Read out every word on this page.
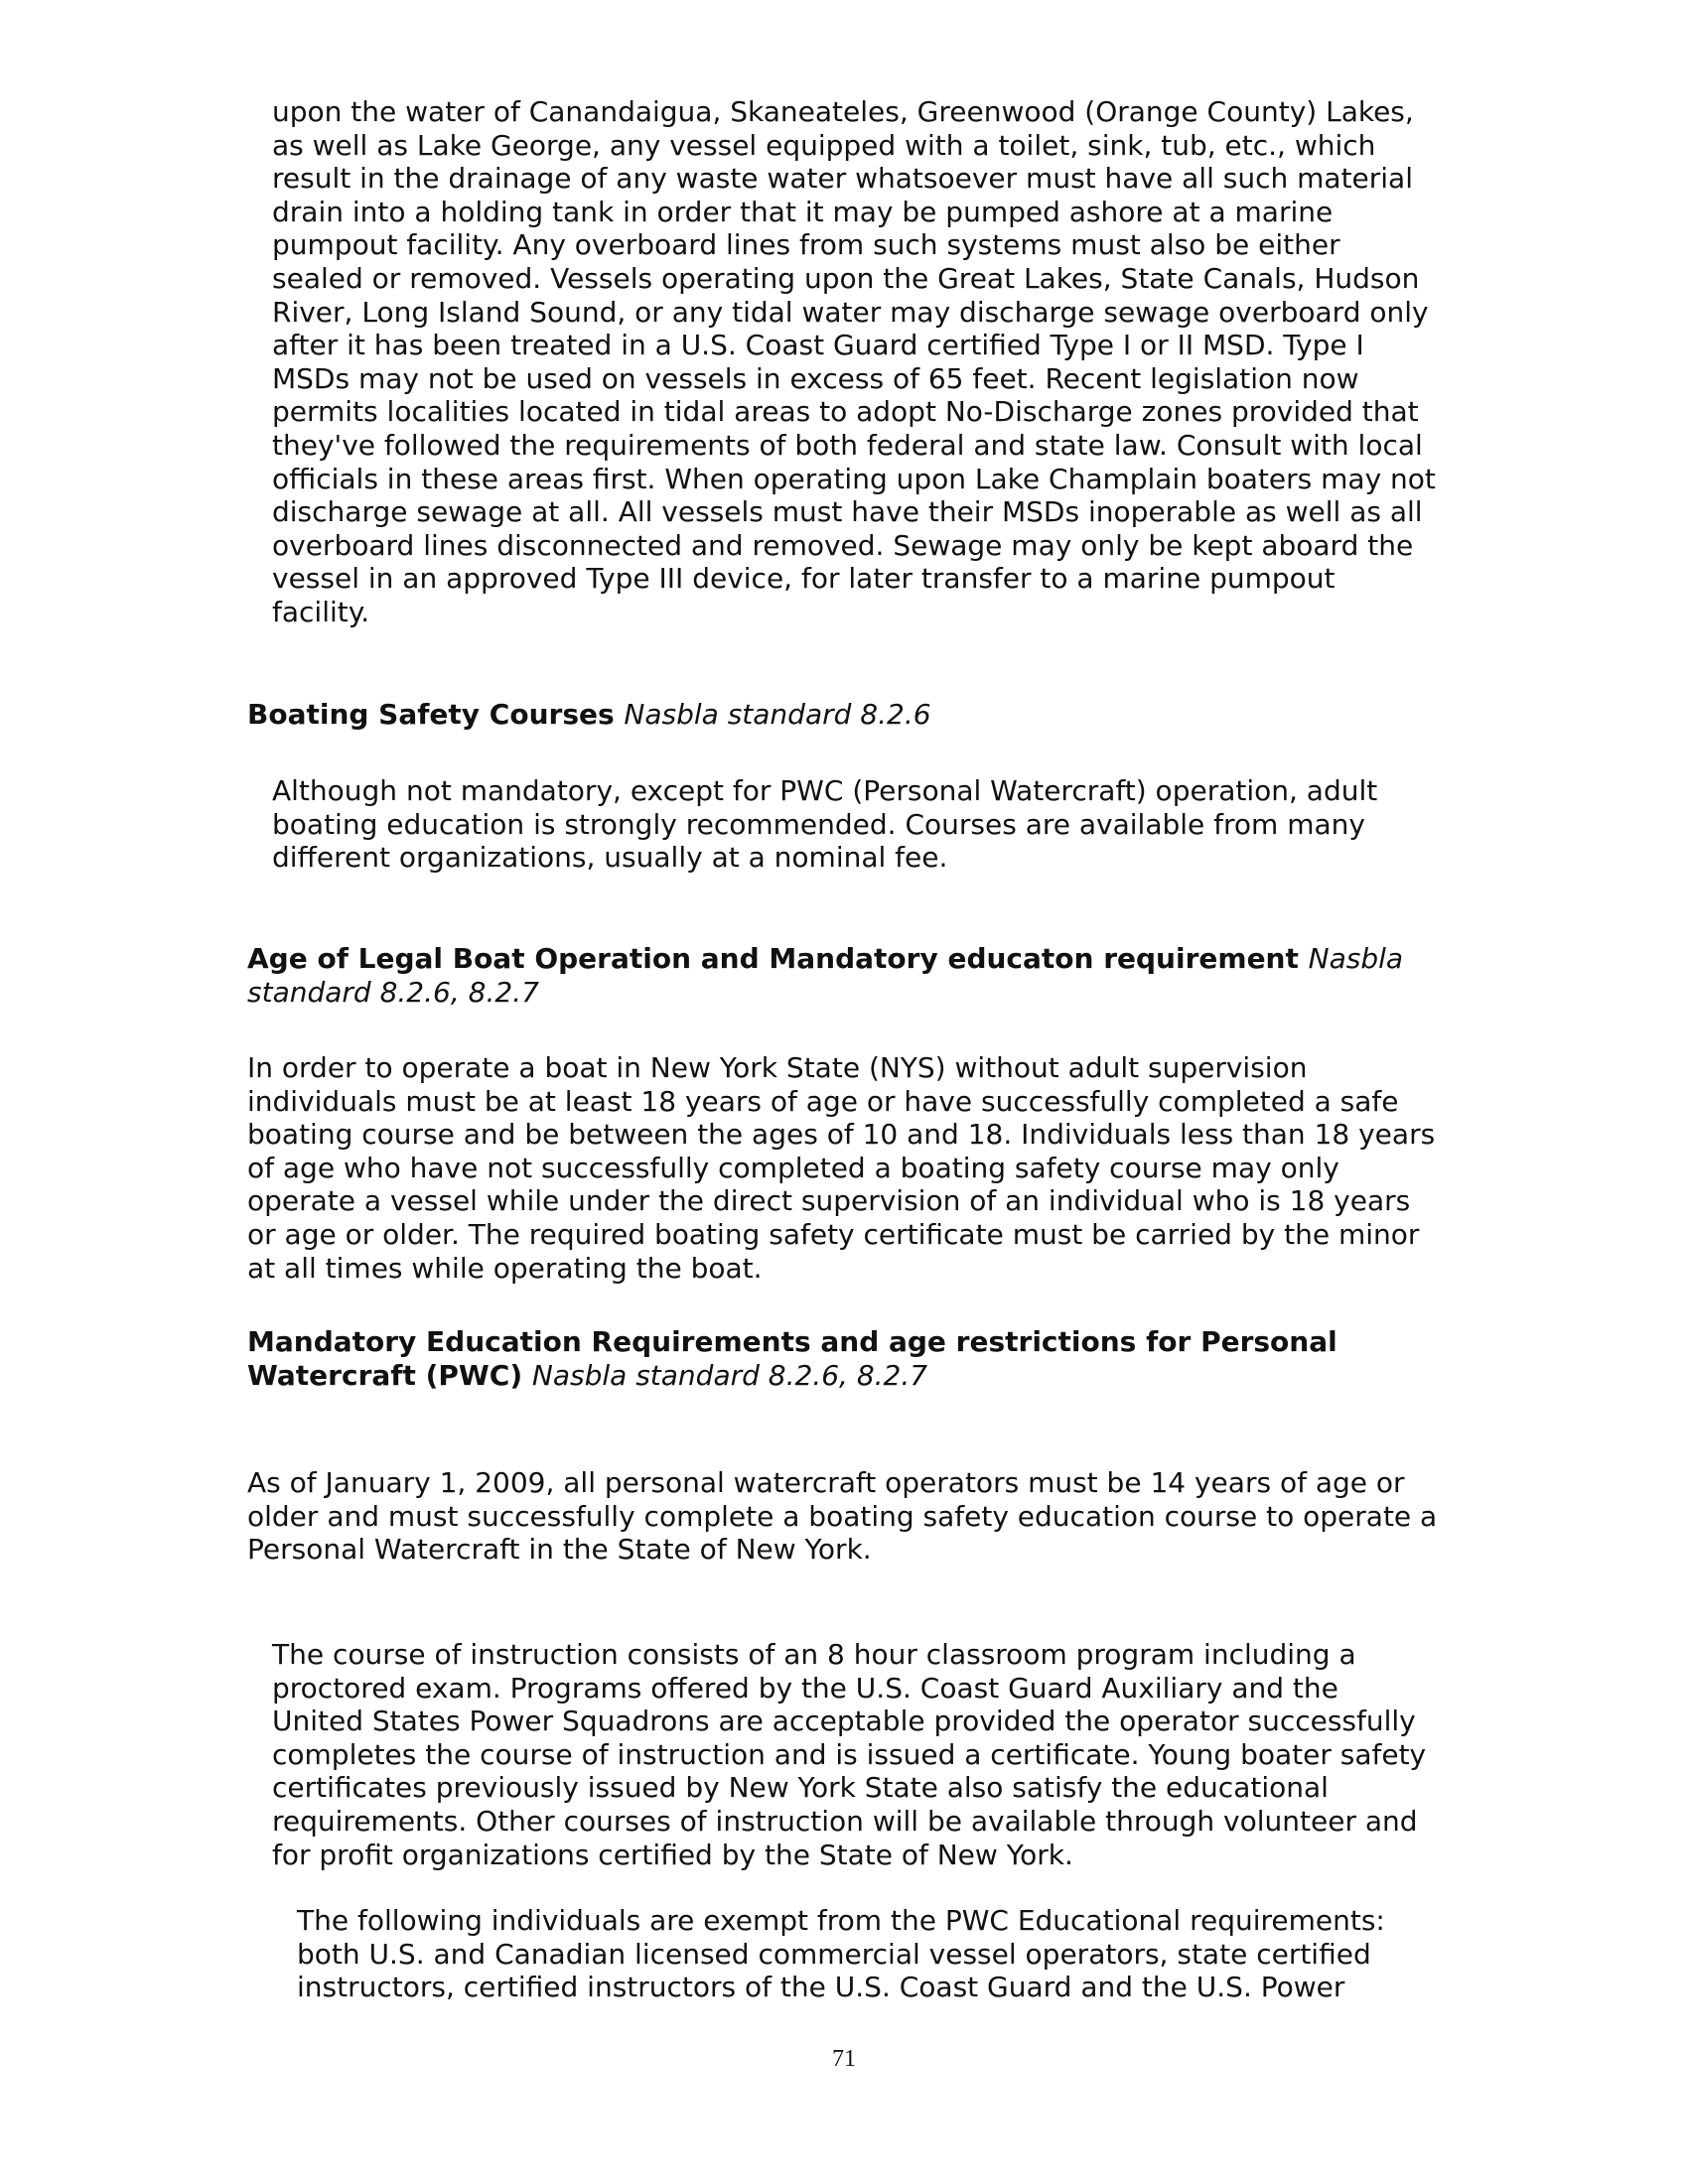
upon the water of Canandaigua, Skaneateles, Greenwood (Orange County) Lakes,
as well as Lake George, any vessel equipped with a toilet, sink, tub, etc., which
result in the drainage of any waste water whatsoever must have all such material
drain into a holding tank in order that it may be pumped ashore at a marine
pumpout facility. Any overboard lines from such systems must also be either
sealed or removed. Vessels operating upon the Great Lakes, State Canals, Hudson
River, Long Island Sound, or any tidal water may discharge sewage overboard only
after it has been treated in a U.S. Coast Guard certified Type I or II MSD. Type I
MSDs may not be used on vessels in excess of 65 feet. Recent legislation now
permits localities located in tidal areas to adopt No-Discharge zones provided that
they've followed the requirements of both federal and state law. Consult with local
officials in these areas first. When operating upon Lake Champlain boaters may not
discharge sewage at all. All vessels must have their MSDs inoperable as well as all
overboard lines disconnected and removed. Sewage may only be kept aboard the
vessel in an approved Type III device, for later transfer to a marine pumpout
facility.

Boating Safety Courses Nasbla standard 8.2.6

Although not mandatory, except for PWC (Personal Watercraft) operation, adult
boating education is strongly recommended. Courses are available from many
different organizations, usually at a nominal fee.

Age of Legal Boat Operation and Mandatory educaton requirement Nasbla standard 8.2.6, 8.2.7

In order to operate a boat in New York State (NYS) without adult supervision
individuals must be at least 18 years of age or have successfully completed a safe
boating course and be between the ages of 10 and 18. Individuals less than 18 years
of age who have not successfully completed a boating safety course may only
operate a vessel while under the direct supervision of an individual who is 18 years
or age or older. The required boating safety certificate must be carried by the minor
at all times while operating the boat.

Mandatory Education Requirements and age restrictions for Personal Watercraft (PWC) Nasbla standard 8.2.6, 8.2.7

As of January 1, 2009, all personal watercraft operators must be 14 years of age or
older and must successfully complete a boating safety education course to operate a
Personal Watercraft in the State of New York.

The course of instruction consists of an 8 hour classroom program including a
proctored exam. Programs offered by the U.S. Coast Guard Auxiliary and the
United States Power Squadrons are acceptable provided the operator successfully
completes the course of instruction and is issued a certificate. Young boater safety
certificates previously issued by New York State also satisfy the educational
requirements. Other courses of instruction will be available through volunteer and
for profit organizations certified by the State of New York.

The following individuals are exempt from the PWC Educational requirements:
both U.S. and Canadian licensed commercial vessel operators, state certified
instructors, certified instructors of the U.S. Coast Guard and the U.S. Power

71
